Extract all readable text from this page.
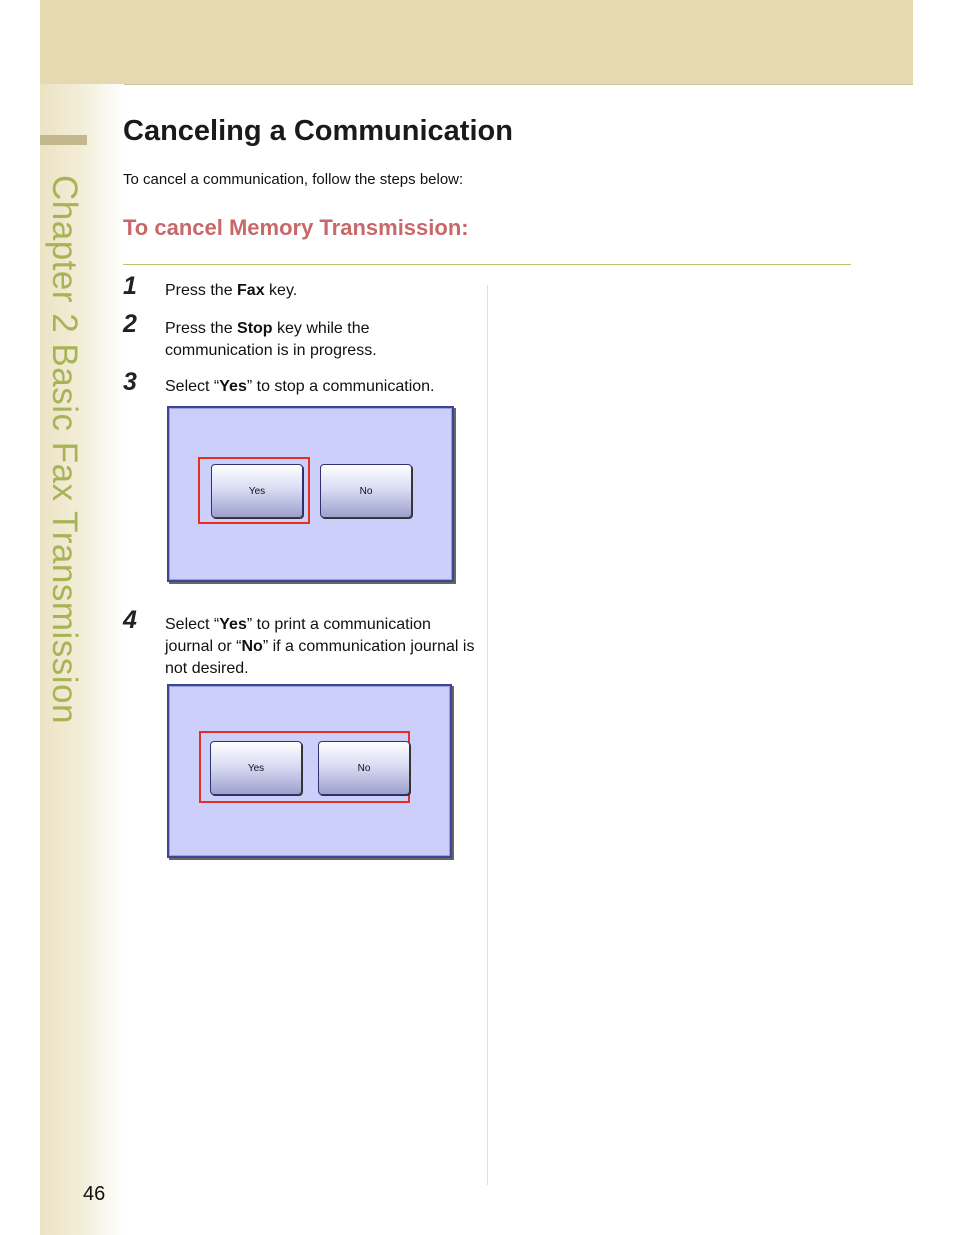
Chapter 2 Basic Fax Transmission
Canceling a Communication
To cancel a communication, follow the steps below:
To cancel Memory Transmission:
1 Press the Fax key.
2 Press the Stop key while the communication is in progress.
3 Select “Yes” to stop a communication.
Yes	No
4 Select “Yes” to print a communication journal or “No” if a communication journal is not desired.
Yes	No
46
